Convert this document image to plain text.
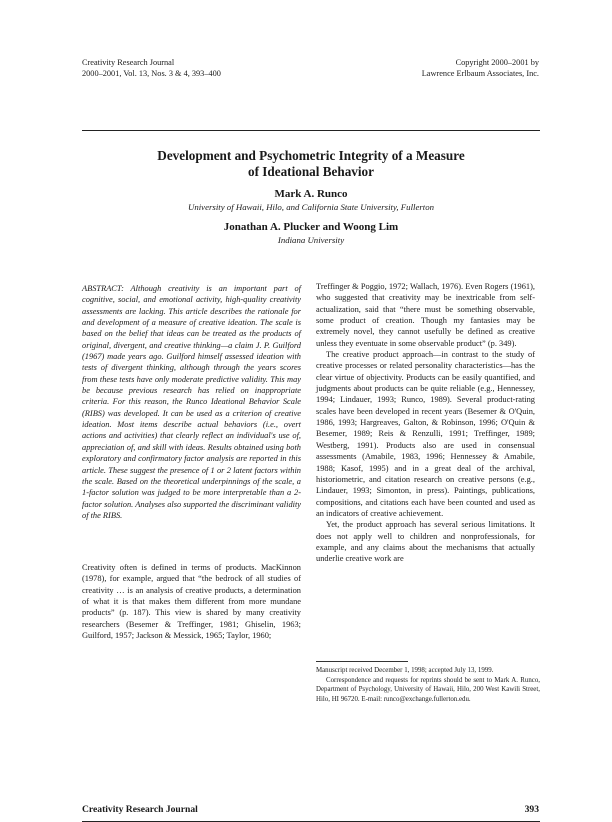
Creativity Research Journal
2000–2001, Vol. 13, Nos. 3 & 4, 393–400
Copyright 2000–2001 by
Lawrence Erlbaum Associates, Inc.
Development and Psychometric Integrity of a Measure
of Ideational Behavior
Mark A. Runco
University of Hawaii, Hilo, and California State University, Fullerton
Jonathan A. Plucker and Woong Lim
Indiana University

ABSTRACT: Although creativity is an important part of cognitive, social, and emotional activity, high-quality creativity assessments are lacking. This article describes the rationale for and development of a measure of creative ideation. The scale is based on the belief that ideas can be treated as the products of original, divergent, and creative thinking—a claim J. P. Guilford (1967) made years ago. Guilford himself assessed ideation with tests of divergent thinking, although through the years scores from these tests have only moderate predictive validity. This may be because previous research has relied on inappropriate criteria. For this reason, the Runco Ideational Behavior Scale (RIBS) was developed. It can be used as a criterion of creative ideation. Most items describe actual behaviors (i.e., overt actions and activities) that clearly reflect an individual's use of, appreciation of, and skill with ideas. Results obtained using both exploratory and confirmatory factor analysis are reported in this article. These suggest the presence of 1 or 2 latent factors within the scale. Based on the theoretical underpinnings of the scale, a 1-factor solution was judged to be more interpretable than a 2-factor solution. Analyses also supported the discriminant validity of the RIBS.

Creativity often is defined in terms of products. MacKinnon (1978), for example, argued that “the bedrock of all studies of creativity … is an analysis of creative products, a determination of what it is that makes them different from more mundane products” (p. 187). This view is shared by many creativity researchers (Besemer & Treffinger, 1981; Ghiselin, 1963; Guilford, 1957; Jackson & Messick, 1965; Taylor, 1960;

Treffinger & Poggio, 1972; Wallach, 1976). Even Rogers (1961), who suggested that creativity may be inextricable from self-actualization, said that “there must be something observable, some product of creation. Though my fantasies may be extremely novel, they cannot usefully be defined as creative unless they eventuate in some observable product” (p. 349).

The creative product approach—in contrast to the study of creative processes or related personality characteristics—has the clear virtue of objectivity. Products can be easily quantified, and judgments about products can be quite reliable (e.g., Hennessey, 1994; Lindauer, 1993; Runco, 1989). Several product-rating scales have been developed in recent years (Besemer & O'Quin, 1986, 1993; Hargreaves, Galton, & Robinson, 1996; O'Quin & Besemer, 1989; Reis & Renzulli, 1991; Treffinger, 1989; Westberg, 1991). Products also are used in consensual assessments (Amabile, 1983, 1996; Hennessey & Amabile, 1988; Kasof, 1995) and in a great deal of the archival, historiometric, and citation research on creative persons (e.g., Lindauer, 1993; Simonton, in press). Paintings, publications, compositions, and citations each have been counted and used as an indicators of creative achievement.

Yet, the product approach has several serious limitations. It does not apply well to children and nonprofessionals, for example, and any claims about the mechanisms that actually underlie creative work are

Manuscript received December 1, 1998; accepted July 13, 1999.

Correspondence and requests for reprints should be sent to Mark A. Runco, Department of Psychology, University of Hawaii, Hilo, 200 West Kawili Street, Hilo, HI 96720. E-mail: runco@exchange.fullerton.edu.

Creativity Research Journal	393
